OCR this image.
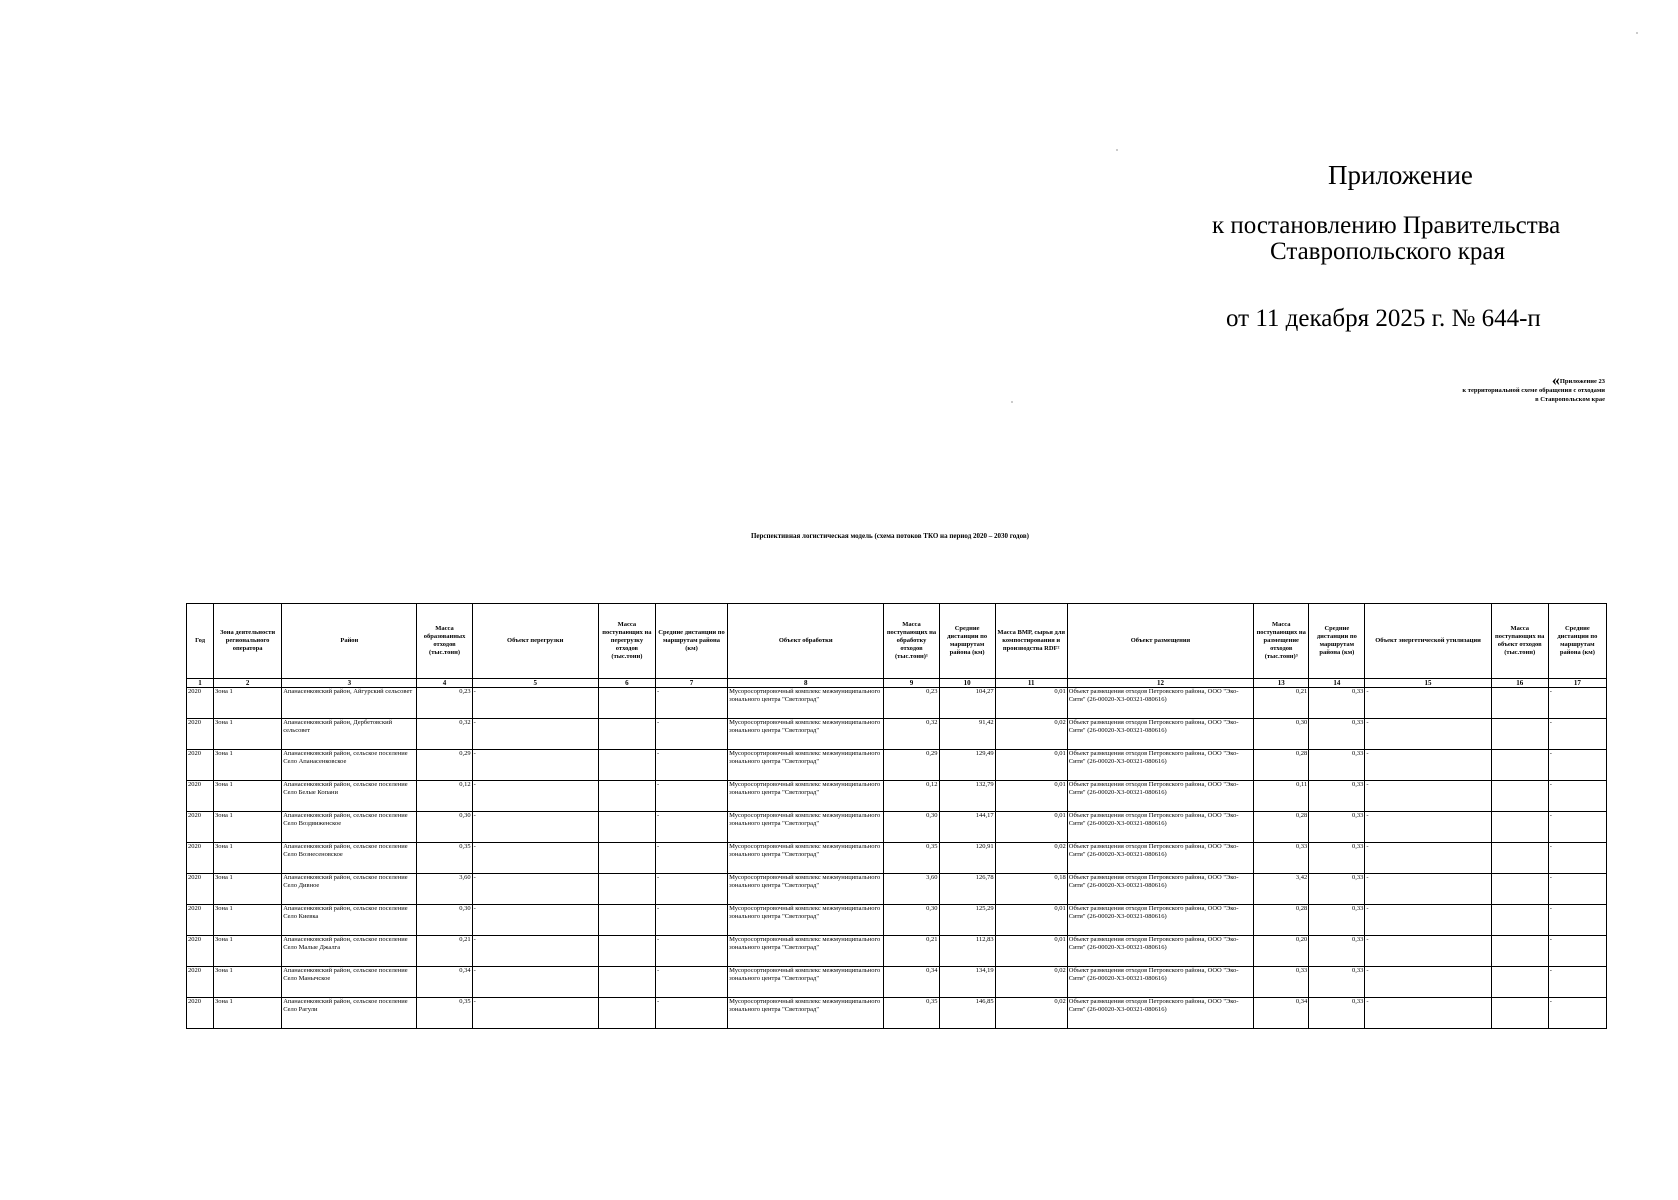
Приложение
к постановлению Правительства
Ставропольского края
от 11 декабря 2025 г. № 644-п
«Приложение 23
к территориальной схеме обращения с отходами
в Ставропольском крае
Перспективная логистическая модель (схема потоков ТКО на период 2020 – 2030 годов)
Год	Зона деятельности регионального оператора	Район	Масса образованных отходов (тыс.тонн)	Объект перегрузки	Масса поступающих на перегрузку отходов (тыс.тонн)	Средние дистанции по маршрутам района (км)	Объект обработки	Масса поступающих на обработку отходов (тыс.тонн)¹	Средние дистанции по маршрутам района (км)	Масса ВМР, сырья для компостирования и производства RDF²	Объект размещения	Масса поступающих на размещение отходов (тыс.тонн)³	Средние дистанции по маршрутам района (км)	Объект энергетической утилизации	Масса поступающих на объект отходов (тыс.тонн)	Средние дистанции по маршрутам района (км)
1	2	3	4	5	6	7	8	9	10	11	12	13	14	15	16	17
2020	Зона 1	Апанасенковский район, Айгурский сельсовет	0,23	-		-	Мусоросортировочный комплекс межмуниципального зонального центра "Светлоград"	0,23	104,27	0,01	Объект размещения отходов Петровского района, ООО "Эко-Сити" (26-00020-Х3-00321-080616)	0,21	0,33	-		-
2020	Зона 1	Апанасенковский район, Дербетовский сельсовет	0,32	-		-	Мусоросортировочный комплекс межмуниципального зонального центра "Светлоград"	0,32	91,42	0,02	Объект размещения отходов Петровского района, ООО "Эко-Сити" (26-00020-Х3-00321-080616)	0,30	0,33	-		-
2020	Зона 1	Апанасенковский район, сельское поселение Село Апанасенковское	0,29	-		-	Мусоросортировочный комплекс межмуниципального зонального центра "Светлоград"	0,29	129,49	0,01	Объект размещения отходов Петровского района, ООО "Эко-Сити" (26-00020-Х3-00321-080616)	0,28	0,33	-		-
2020	Зона 1	Апанасенковский район, сельское поселение Село Белые Копани	0,12	-		-	Мусоросортировочный комплекс межмуниципального зонального центра "Светлоград"	0,12	132,79	0,01	Объект размещения отходов Петровского района, ООО "Эко-Сити" (26-00020-Х3-00321-080616)	0,11	0,33	-		-
2020	Зона 1	Апанасенковский район, сельское поселение Село Воздвиженское	0,30	-		-	Мусоросортировочный комплекс межмуниципального зонального центра "Светлоград"	0,30	144,17	0,01	Объект размещения отходов Петровского района, ООО "Эко-Сити" (26-00020-Х3-00321-080616)	0,28	0,33	-		-
2020	Зона 1	Апанасенковский район, сельское поселение Село Вознесеновское	0,35	-		-	Мусоросортировочный комплекс межмуниципального зонального центра "Светлоград"	0,35	120,91	0,02	Объект размещения отходов Петровского района, ООО "Эко-Сити" (26-00020-Х3-00321-080616)	0,33	0,33	-		-
2020	Зона 1	Апанасенковский район, сельское поселение Село Дивное	3,60	-		-	Мусоросортировочный комплекс межмуниципального зонального центра "Светлоград"	3,60	126,78	0,18	Объект размещения отходов Петровского района, ООО "Эко-Сити" (26-00020-Х3-00321-080616)	3,42	0,33	-		-
2020	Зона 1	Апанасенковский район, сельское поселение Село Киевка	0,30	-		-	Мусоросортировочный комплекс межмуниципального зонального центра "Светлоград"	0,30	125,29	0,01	Объект размещения отходов Петровского района, ООО "Эко-Сити" (26-00020-Х3-00321-080616)	0,28	0,33	-		-
2020	Зона 1	Апанасенковский район, сельское поселение Село Малые Джалга	0,21	-		-	Мусоросортировочный комплекс межмуниципального зонального центра "Светлоград"	0,21	112,83	0,01	Объект размещения отходов Петровского района, ООО "Эко-Сити" (26-00020-Х3-00321-080616)	0,20	0,33	-		-
2020	Зона 1	Апанасенковский район, сельское поселение Село Манычское	0,34	-		-	Мусоросортировочный комплекс межмуниципального зонального центра "Светлоград"	0,34	134,19	0,02	Объект размещения отходов Петровского района, ООО "Эко-Сити" (26-00020-Х3-00321-080616)	0,33	0,33	-		-
2020	Зона 1	Апанасенковский район, сельское поселение Село Рагули	0,35	-		-	Мусоросортировочный комплекс межмуниципального зонального центра "Светлоград"	0,35	146,85	0,02	Объект размещения отходов Петровского района, ООО "Эко-Сити" (26-00020-Х3-00321-080616)	0,34	0,33	-		-
